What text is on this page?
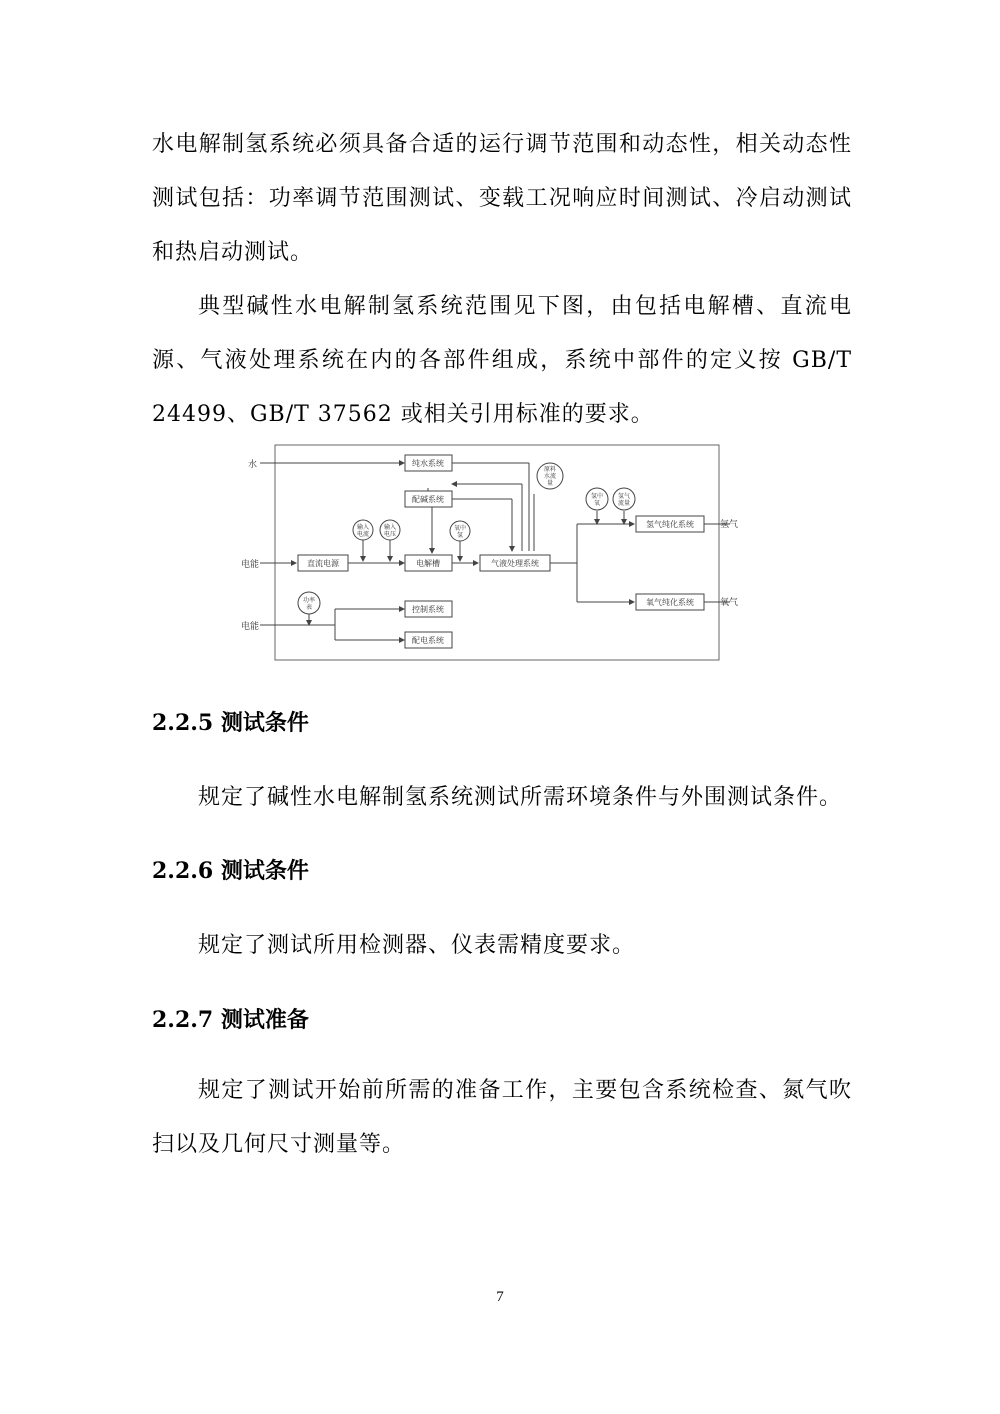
水电解制氢系统必须具备合适的运行调节范围和动态性，相关动态性测试包括：功率调节范围测试、变载工况响应时间测试、冷启动测试和热启动测试。

典型碱性水电解制氢系统范围见下图，由包括电解槽、直流电源、气液处理系统在内的各部件组成，系统中部件的定义按 GB/T 24499、GB/T 37562 或相关引用标准的要求。

水
电能
电能
纯水系统
配碱系统
直流电源	电解槽	气液处理系统
氢气纯化系统
氧气纯化系统
控制系统
配电系统
原料
水流
量
输入
电流
输入
电压
氧中
氢
氢中
氧
氢气
流量
功率
表
氢气
氧气
2.2.5 测试条件

规定了碱性水电解制氢系统测试所需环境条件与外围测试条件。

2.2.6 测试条件

规定了测试所用检测器、仪表需精度要求。

2.2.7 测试准备

规定了测试开始前所需的准备工作，主要包含系统检查、氮气吹扫以及几何尺寸测量等。

7
